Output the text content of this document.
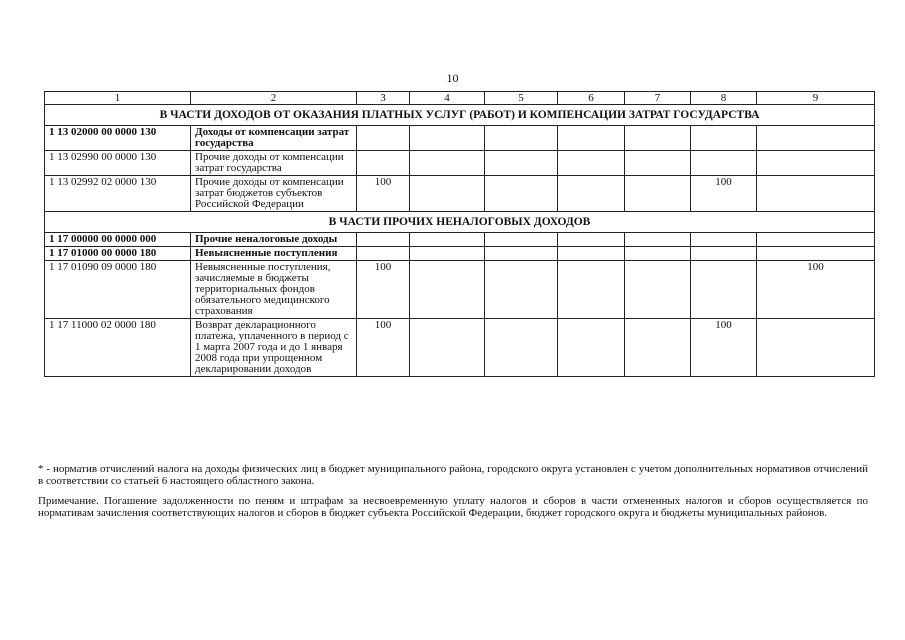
10
1	2	3	4	5	6	7	8	9
В ЧАСТИ ДОХОДОВ ОТ ОКАЗАНИЯ ПЛАТНЫХ УСЛУГ (РАБОТ) И КОМПЕНСАЦИИ ЗАТРАТ ГОСУДАРСТВА								
1 13 02000 00 0000 130	Доходы от компенсации затрат государства							
1 13 02990 00 0000 130	Прочие доходы от компенсации затрат государства							
1 13 02992 02 0000 130	Прочие доходы от компенсации затрат бюджетов субъектов Российской Федерации	100					100	
В ЧАСТИ ПРОЧИХ НЕНАЛОГОВЫХ ДОХОДОВ								
1 17 00000 00 0000 000	Прочие неналоговые доходы							
1 17 01000 00 0000 180	Невыясненные поступления							
1 17 01090 09 0000 180	Невыясненные поступления, зачисляемые в бюджеты территориальных фондов обязательного медицинского страхования	100						100
1 17 11000 02 0000 180	Возврат декларационного платежа, уплаченного в период с 1 марта 2007 года и до 1 января 2008 года при упрощенном декларировании доходов	100					100	
* - норматив отчислений налога на доходы физических лиц в бюджет муниципального района, городского округа установлен с учетом дополнительных нормативов отчислений в соответствии со статьей 6 настоящего областного закона.
Примечание. Погашение задолженности по пеням и штрафам за несвоевременную уплату налогов и сборов в части отмененных налогов и сборов осуществляется по нормативам зачисления соответствующих налогов и сборов в бюджет субъекта Российской Федерации, бюджет городского округа и бюджеты муниципальных районов.
